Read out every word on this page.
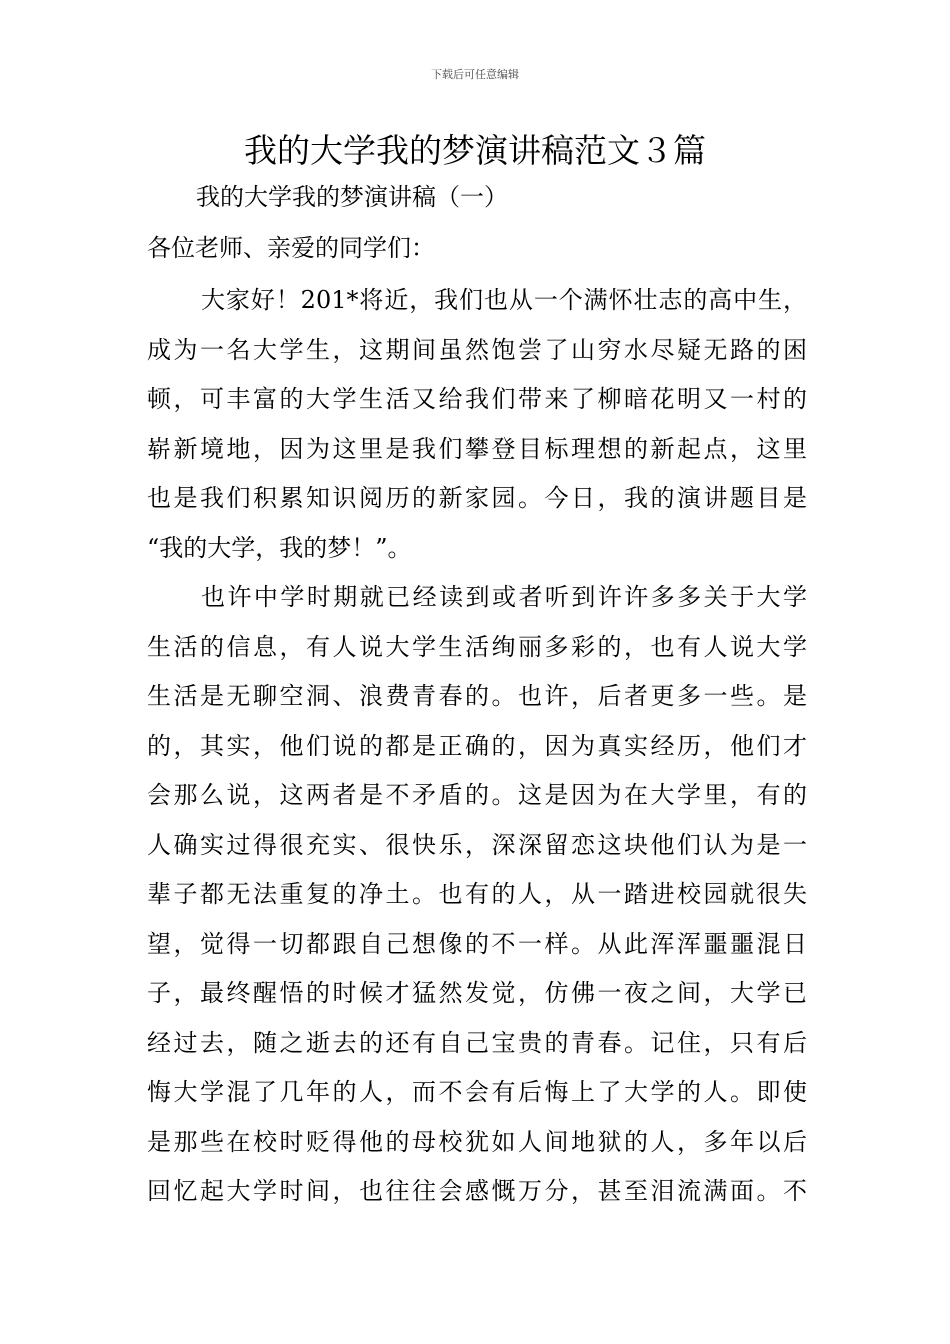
下载后可任意编辑
我的大学我的梦演讲稿范文３篇
我的大学我的梦演讲稿（一）
各位老师、亲爱的同学们：
大家好！201*将近，我们也从一个满怀壮志的高中生，
成为一名大学生，这期间虽然饱尝了山穷水尽疑无路的困
顿，可丰富的大学生活又给我们带来了柳暗花明又一村的
崭新境地，因为这里是我们攀登目标理想的新起点，这里
也是我们积累知识阅历的新家园。今日，我的演讲题目是
“我的大学，我的梦！”。
也许中学时期就已经读到或者听到许许多多关于大学
生活的信息，有人说大学生活绚丽多彩的，也有人说大学
生活是无聊空洞、浪费青春的。也许，后者更多一些。是
的，其实，他们说的都是正确的，因为真实经历，他们才
会那么说，这两者是不矛盾的。这是因为在大学里，有的
人确实过得很充实、很快乐，深深留恋这块他们认为是一
辈子都无法重复的净土。也有的人，从一踏进校园就很失
望，觉得一切都跟自己想像的不一样。从此浑浑噩噩混日
子，最终醒悟的时候才猛然发觉，仿佛一夜之间，大学已
经过去，随之逝去的还有自己宝贵的青春。记住，只有后
悔大学混了几年的人，而不会有后悔上了大学的人。即使
是那些在校时贬得他的母校犹如人间地狱的人，多年以后
回忆起大学时间，也往往会感慨万分，甚至泪流满面。不
